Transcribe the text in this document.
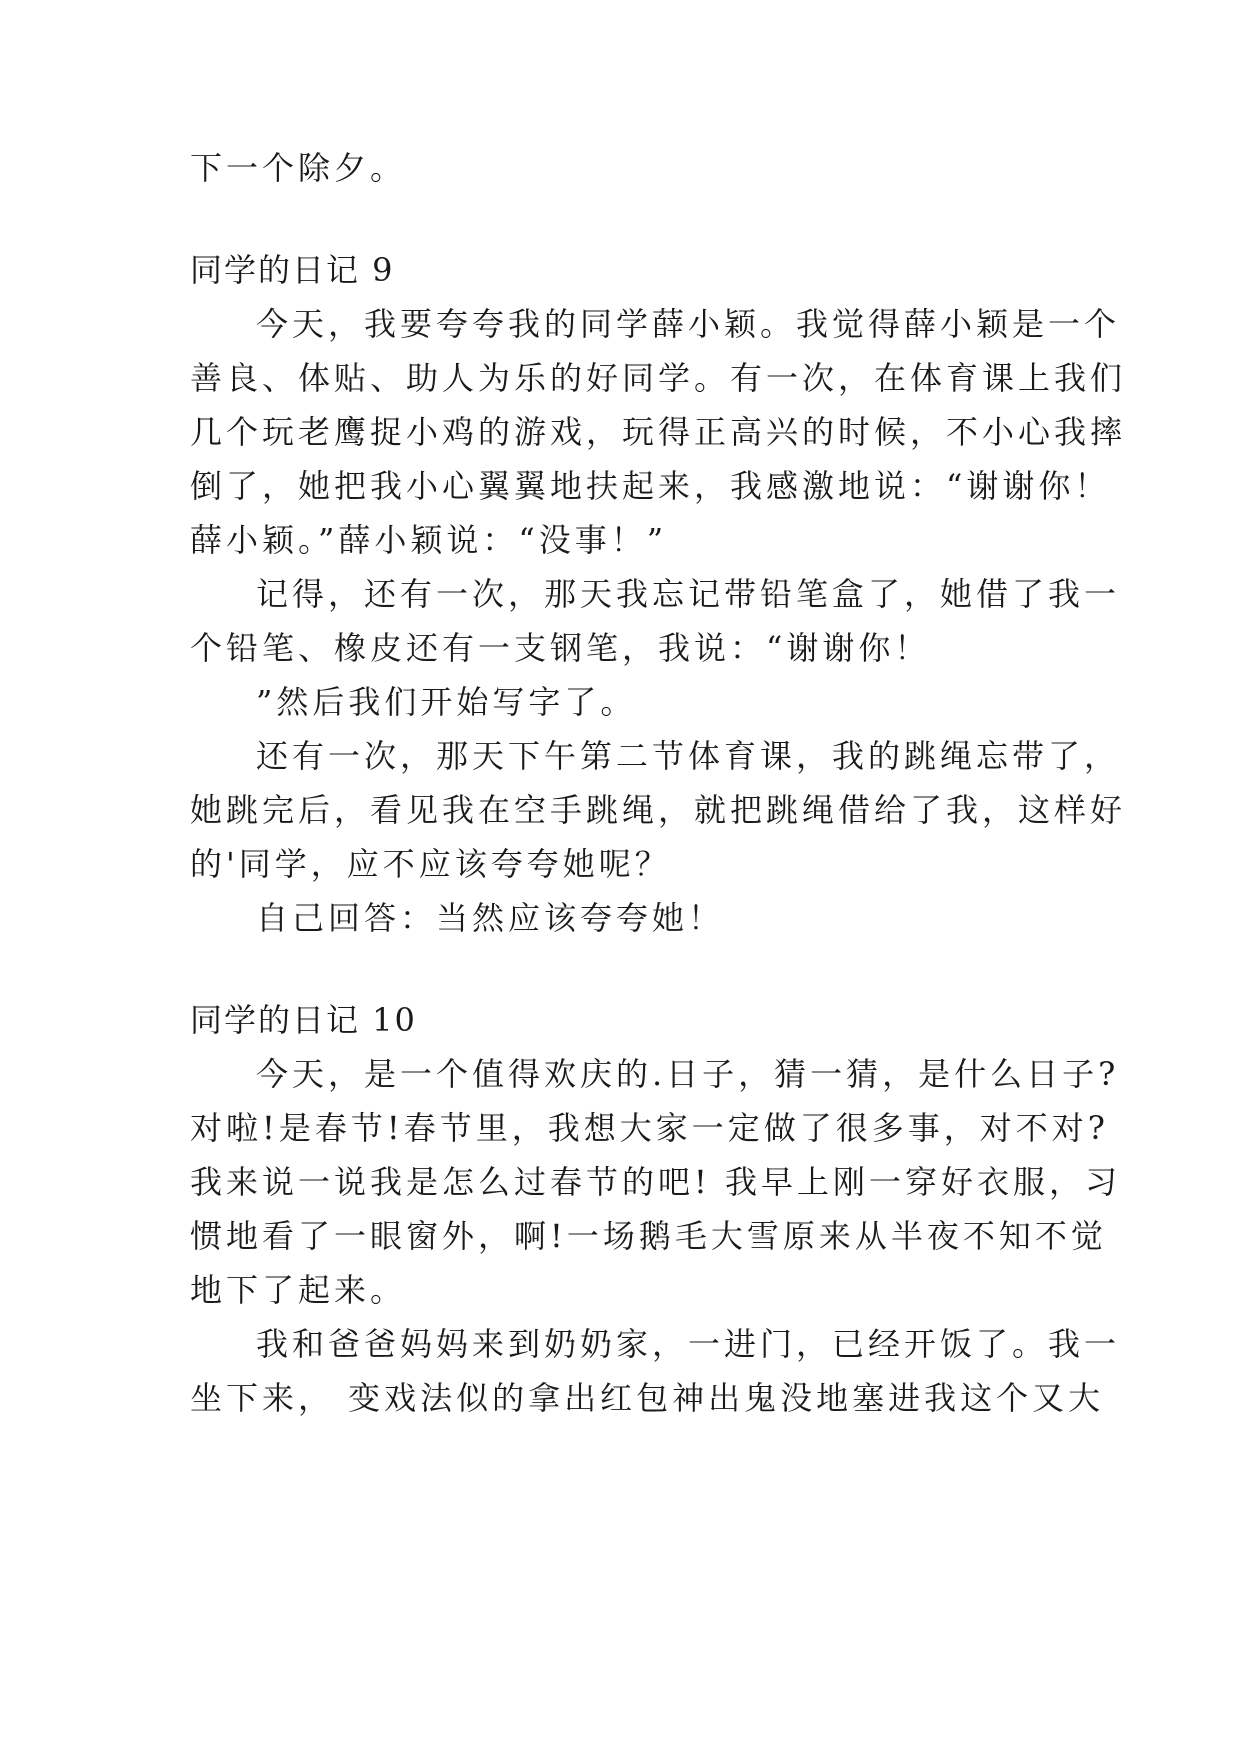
下一个除夕。
同学的日记 9
今天，我要夸夸我的同学薛小颖。我觉得薛小颖是一个
善良、体贴、助人为乐的好同学。有一次，在体育课上我们
几个玩老鹰捉小鸡的游戏，玩得正高兴的时候，不小心我摔
倒了，她把我小心翼翼地扶起来，我感激地说：“谢谢你！
薛小颖。”薛小颖说：“没事！”
记得，还有一次，那天我忘记带铅笔盒了，她借了我一
个铅笔、橡皮还有一支钢笔，我说：“谢谢你！
”然后我们开始写字了。
还有一次，那天下午第二节体育课，我的跳绳忘带了，
她跳完后，看见我在空手跳绳，就把跳绳借给了我，这样好
的'同学，应不应该夸夸她呢？
自己回答：当然应该夸夸她！
同学的日记 10
今天，是一个值得欢庆的.日子，猜一猜，是什么日子?
对啦!是春节!春节里，我想大家一定做了很多事，对不对?
我来说一说我是怎么过春节的吧! 我早上刚一穿好衣服，习
惯地看了一眼窗外，啊!一场鹅毛大雪原来从半夜不知不觉
地下了起来。
我和爸爸妈妈来到奶奶家，一进门，已经开饭了。我一
坐下来， 变戏法似的拿出红包神出鬼没地塞进我这个又大
